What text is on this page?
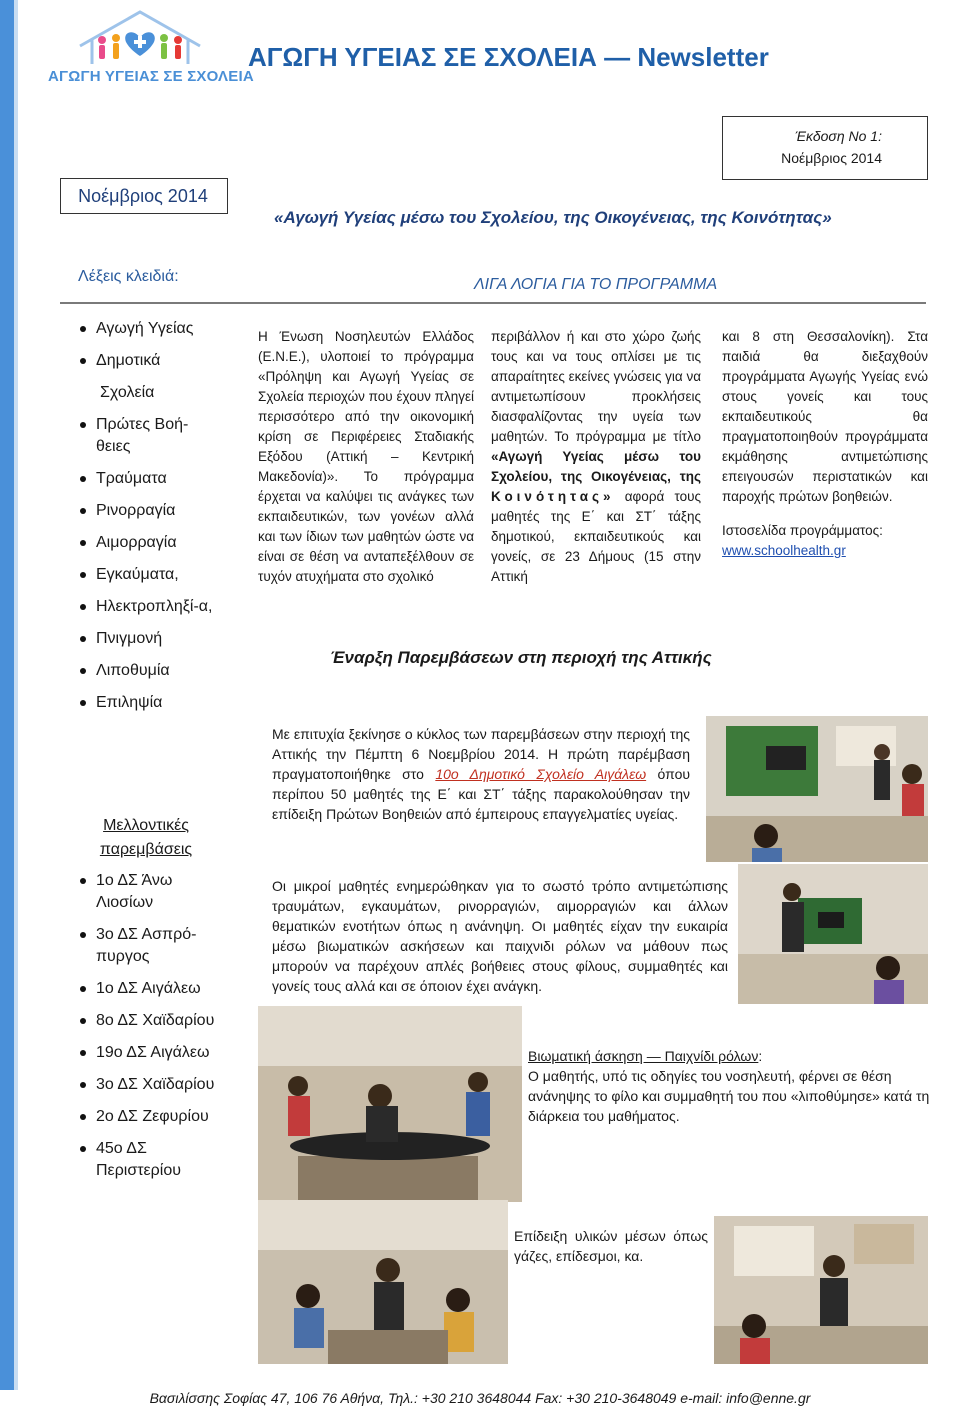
ΑΓΩΓΗ ΥΓΕΙΑΣ ΣΕ ΣΧΟΛΕΙΑ
ΑΓΩΓΗ ΥΓΕΙΑΣ ΣΕ ΣΧΟΛΕΙΑ — Newsletter
Έκδοση Νο 1:
Νοέμβριος 2014
Νοέμβριος 2014
«Αγωγή Υγείας μέσω του Σχολείου, της Οικογένειας, της Κοινότητας»
Λέξεις κλειδιά:	ΛΙΓΑ ΛΟΓΙΑ ΓΙΑ ΤΟ ΠΡΟΓΡΑΜΜΑ
Αγωγή Υγείας
Δημοτικά
Σχολεία
Πρώτες Βοή-θειες
Τραύματα
Ρινορραγία
Αιμορραγία
Εγκαύματα,
Ηλεκτροπληξί-α,
Πνιγμονή
Λιποθυμία
Επιληψία
Μελλοντικές παρεμβάσεις
1ο ΔΣ Άνω Λιοσίων
3ο ΔΣ Ασπρό-πυργος
1ο ΔΣ Αιγάλεω
8ο ΔΣ Χαϊδαρίου
19ο ΔΣ Αιγάλεω
3ο ΔΣ Χαϊδαρίου
2ο ΔΣ Ζεφυρίου
45ο ΔΣ Περιστερίου
Η Ένωση Νοσηλευτών Ελλάδος (Ε.Ν.Ε.), υλοποιεί το πρόγραμμα «Πρόληψη και Αγωγή Υγείας σε Σχολεία περιοχών που έχουν πληγεί περισσότερο από την οικονομική κρίση σε Περιφέρειες Σταδιακής Εξόδου (Αττική – Κεντρική Μακεδονία)». Το πρόγραμμα έρχεται να καλύψει τις ανάγκες των εκπαιδευτικών, των γονέων αλλά και των ίδιων των μαθητών ώστε να είναι σε θέση να ανταπεξέλθουν σε τυχόν ατυχήματα στο σχολικό
περιβάλλον ή και στο χώρο ζωής τους και να τους οπλίσει με τις απαραίτητες εκείνες γνώσεις για να αντιμετωπίσουν προκλήσεις διασφαλίζοντας την υγεία των μαθητών. Το πρόγραμμα με τίτλο «Αγωγή Υγείας μέσω του Σχολείου, της Οικογένειας, της Κοινότητας» αφορά τους μαθητές της Ε΄ και ΣΤ΄ τάξης δημοτικού, εκπαιδευτικούς και γονείς, σε 23 Δήμους (15 στην Αττική
και 8 στη Θεσσαλονίκη). Στα παιδιά θα διεξαχθούν προγράμματα Αγωγής Υγείας ενώ στους γονείς και τους εκπαιδευτικούς θα πραγματοποιηθούν προγράμματα εκμάθησης αντιμετώπισης επειγουσών περιστατικών και παροχής πρώτων βοηθειών.
Ιστοσελίδα προγράμματος:
www.schoolhealth.gr
Έναρξη Παρεμβάσεων στη περιοχή της Αττικής
Με επιτυχία ξεκίνησε ο κύκλος των παρεμβάσεων στην περιοχή της Αττικής την Πέμπτη 6 Νοεμβρίου 2014. Η πρώτη παρέμβαση πραγματοποιήθηκε στο 10ο Δημοτικό Σχολείο Αιγάλεω όπου περίπου 50 μαθητές της Ε΄ και ΣΤ΄ τάξης παρακολούθησαν την επίδειξη Πρώτων Βοηθειών από έμπειρους επαγγελματίες υγείας.
Οι μικροί μαθητές ενημερώθηκαν για το σωστό τρόπο αντιμετώπισης τραυμάτων, εγκαυμάτων, ρινορραγιών, αιμορραγιών και άλλων θεματικών ενοτήτων όπως η ανάνηψη. Οι μαθητές είχαν την ευκαιρία μέσω βιωματικών ασκήσεων και παιχνιδι ρόλων να μάθουν πως μπορούν να παρέχουν απλές βοήθειες στους φίλους, συμμαθητές και γονείς τους αλλά και σε όποιον έχει ανάγκη.
Βιωματική άσκηση — Παιχνίδι ρόλων:
Ο μαθητής, υπό τις οδηγίες του νοσηλευτή, φέρνει σε θέση ανάνηψης το φίλο και συμμαθητή του που «λιποθύμησε» κατά τη διάρκεια του μαθήματος.
Επίδειξη υλικών μέσων όπως γάζες, επίδεσμοι, κα.
Βασιλίσσης Σοφίας 47, 106 76 Αθήνα, Τηλ.: +30 210 3648044 Fax: +30 210-3648049 e-mail: info@enne.gr
